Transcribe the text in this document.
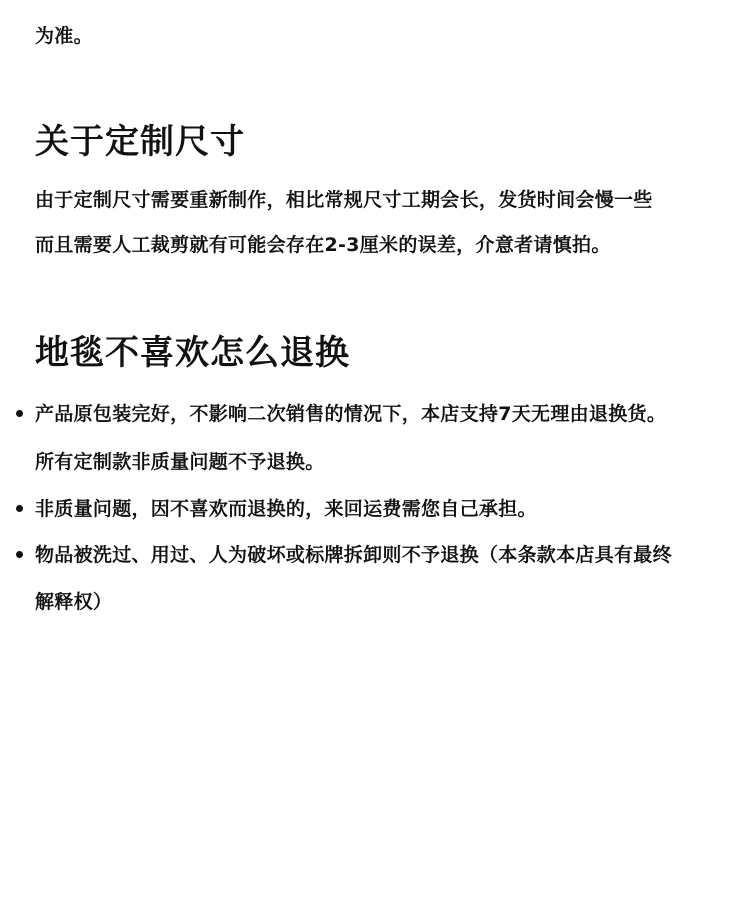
为准。
关于定制尺寸
由于定制尺寸需要重新制作，相比常规尺寸工期会长，发货时间会慢一些
而且需要人工裁剪就有可能会存在2-3厘米的误差，介意者请慎拍。
地毯不喜欢怎么退换
产品原包装完好，不影响二次销售的情况下，本店支持7天无理由退换货。
所有定制款非质量问题不予退换。
非质量问题，因不喜欢而退换的，来回运费需您自己承担。
物品被洗过、用过、人为破坏或标牌拆卸则不予退换（本条款本店具有最终
解释权）
